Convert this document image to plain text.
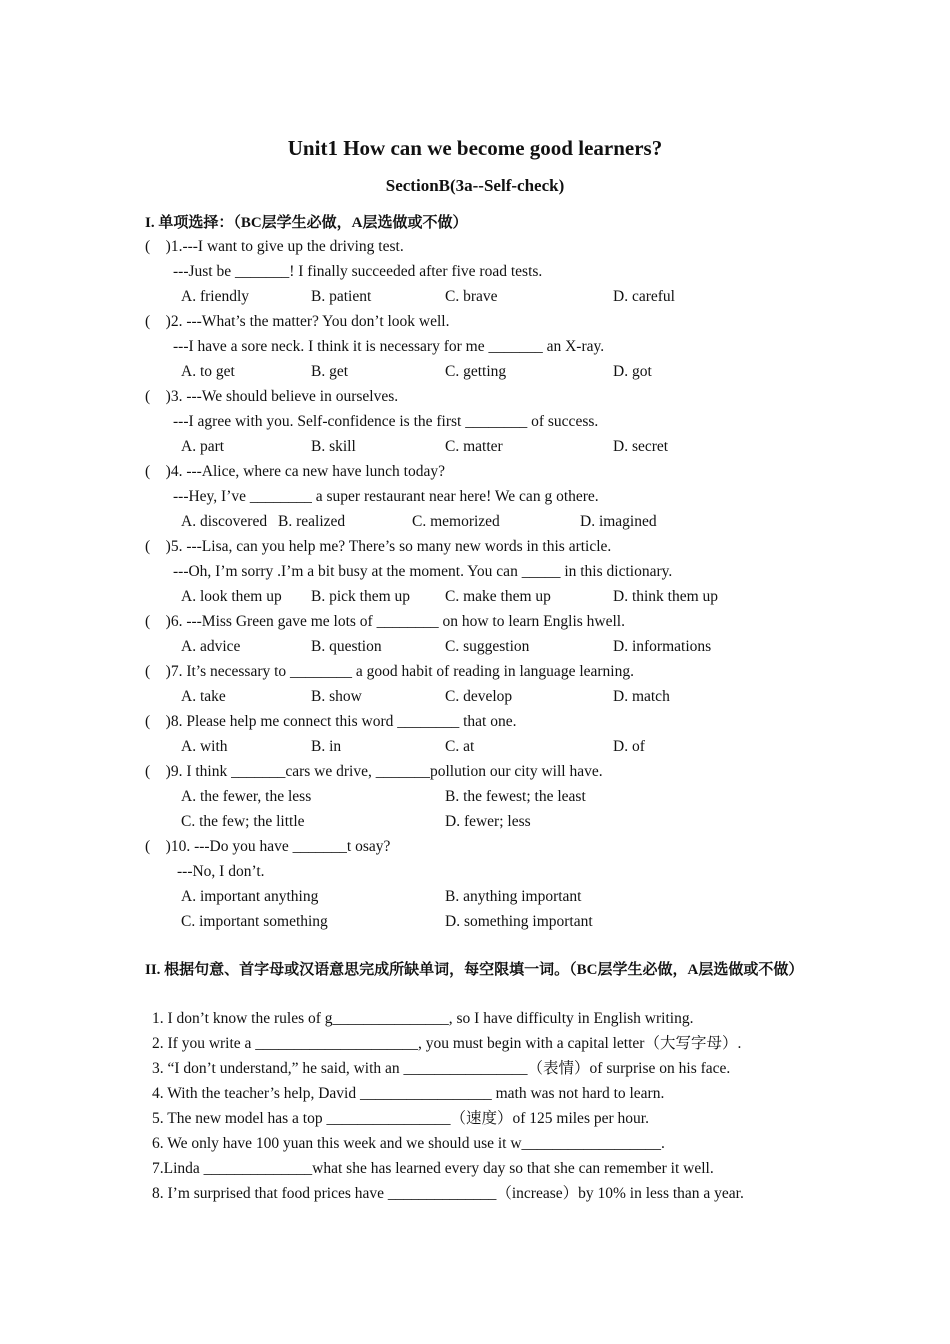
Unit1 How can we become good learners?
SectionB(3a--Self-check)
I. 单项选择：（BC层学生必做，A层选做或不做）
(    )1.---I want to give up the driving test.
---Just be _______! I finally succeeded after five road tests.
A. friendly	B. patient	C. brave	D. careful
(    )2. ---What’s the matter? You don’t look well.
---I have a sore neck. I think it is necessary for me _______ an X-ray.
A. to get	B. get	C. getting	D. got
(    )3. ---We should believe in ourselves.
---I agree with you. Self-confidence is the first ________ of success.
A. part	B. skill	C. matter	D. secret
(    )4. ---Alice, where ca new have lunch today?
---Hey, I’ve ________ a super restaurant near here! We can g othere.
A. discovered B. realized	C. memorized	D. imagined
(    )5. ---Lisa, can you help me? There’s so many new words in this article.
---Oh, I’m sorry .I’m a bit busy at the moment. You can _____ in this dictionary.
A. look them up B. pick them up C. make them up	D. think them up
(    )6. ---Miss Green gave me lots of ________ on how to learn Englis hwell.
A. advice	B. question	C. suggestion	D. informations
(    )7. It’s necessary to ________ a good habit of reading in language learning.
A. take	B. show	C. develop	D. match
(    )8. Please help me connect this word ________ that one.
A. with	B. in	C. at	D. of
(    )9. I think _______cars we drive, _______pollution our city will have.
A. the fewer, the less	B. the fewest; the least
C. the few; the little	D. fewer; less
(    )10. ---Do you have _______t osay?
---No, I don’t.
A. important anything	B. anything important
C. important something	D. something important
II. 根据句意、首字母或汉语意思完成所缺单词，每空限填一词。（BC层学生必做，A层选做或不做）
1. I don’t know the rules of g_______________, so I have difficulty in English writing.
2. If you write a _____________________, you must begin with a capital letter（大写字母）.
3. “I don’t understand,” he said, with an ________________（表情）of surprise on his face.
4. With the teacher’s help, David _________________ math was not hard to learn.
5. The new model has a top ________________（速度）of 125 miles per hour.
6. We only have 100 yuan this week and we should use it w__________________.
7.Linda ______________what she has learned every day so that she can remember it well.
8. I’m surprised that food prices have ______________（increase）by 10% in less than a year.
